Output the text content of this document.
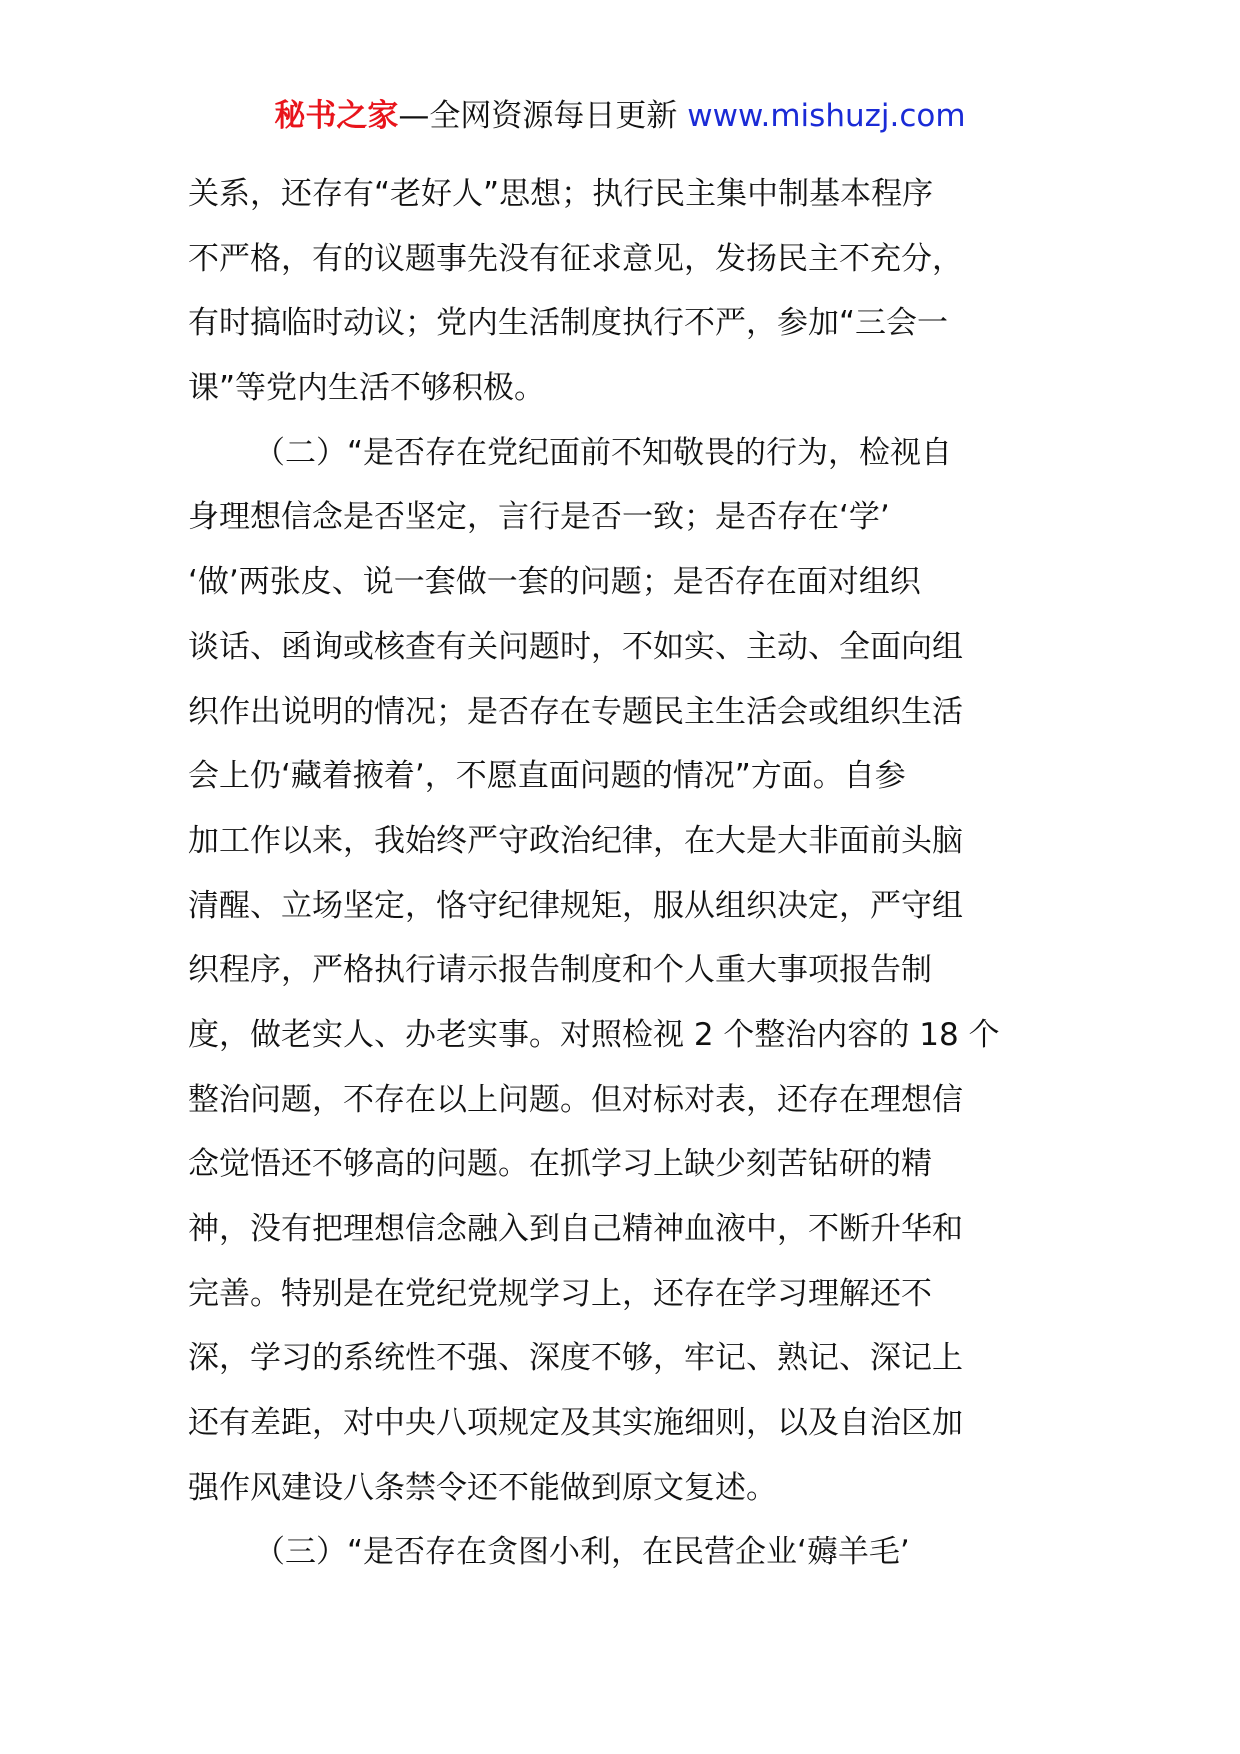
秘书之家—全网资源每日更新 www.mishuzj.com
关系，还存有“老好人”思想；执行民主集中制基本程序
不严格，有的议题事先没有征求意见，发扬民主不充分，
有时搞临时动议；党内生活制度执行不严，参加“三会一
课”等党内生活不够积极。
（二）“是否存在党纪面前不知敬畏的行为，检视自
身理想信念是否坚定，言行是否一致；是否存在‘学’
‘做’两张皮、说一套做一套的问题；是否存在面对组织
谈话、函询或核查有关问题时，不如实、主动、全面向组
织作出说明的情况；是否存在专题民主生活会或组织生活
会上仍‘藏着掖着’，不愿直面问题的情况”方面。自参
加工作以来，我始终严守政治纪律，在大是大非面前头脑
清醒、立场坚定，恪守纪律规矩，服从组织决定，严守组
织程序，严格执行请示报告制度和个人重大事项报告制
度，做老实人、办老实事。对照检视 2 个整治内容的 18 个
整治问题，不存在以上问题。但对标对表，还存在理想信
念觉悟还不够高的问题。在抓学习上缺少刻苦钻研的精
神，没有把理想信念融入到自己精神血液中，不断升华和
完善。特别是在党纪党规学习上，还存在学习理解还不
深，学习的系统性不强、深度不够，牢记、熟记、深记上
还有差距，对中央八项规定及其实施细则，以及自治区加
强作风建设八条禁令还不能做到原文复述。
（三）“是否存在贪图小利，在民营企业‘薅羊毛’
